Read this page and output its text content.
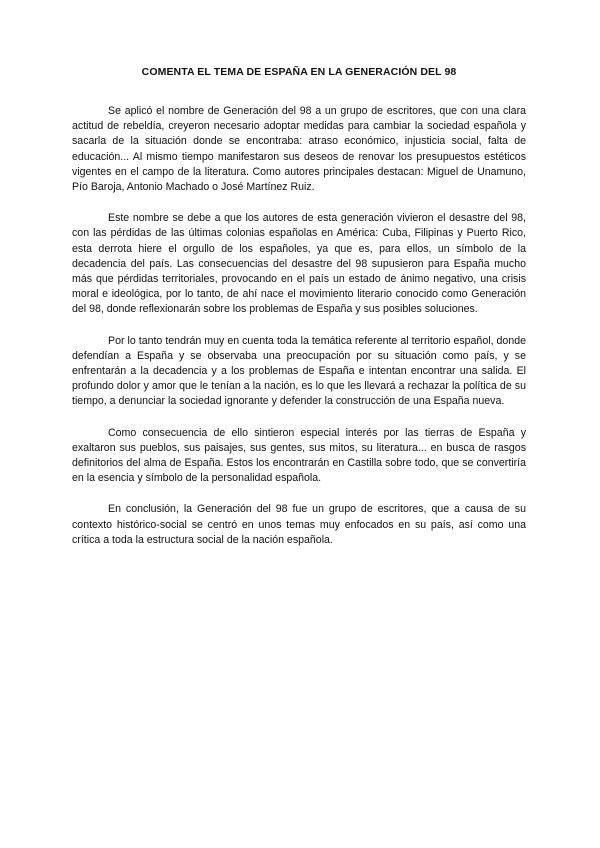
COMENTA EL TEMA DE ESPAÑA EN LA GENERACIÓN DEL 98

Se aplicó el nombre de Generación del 98 a un grupo de escritores, que con una clara actitud de rebeldía, creyeron necesario adoptar medidas para cambiar la sociedad española y sacarla de la situación donde se encontraba: atraso económico, injusticia social, falta de educación... Al mismo tiempo manifestaron sus deseos de renovar los presupuestos estéticos vigentes en el campo de la literatura. Como autores principales destacan: Miguel de Unamuno, Pío Baroja, Antonio Machado o José Martínez Ruiz.

Este nombre se debe a que los autores de esta generación vivieron el desastre del 98, con las pérdidas de las últimas colonias españolas en América: Cuba, Filipinas y Puerto Rico, esta derrota hiere el orgullo de los españoles, ya que es, para ellos, un símbolo de la decadencia del país. Las consecuencias del desastre del 98 supusieron para España mucho más que pérdidas territoriales, provocando en el país un estado de ánimo negativo, una crisis moral e ideológica, por lo tanto, de ahí nace el movimiento literario conocido como Generación del 98, donde reflexionarán sobre los problemas de España y sus posibles soluciones.

Por lo tanto tendrán muy en cuenta toda la temática referente al territorio español, donde defendían a España y se observaba una preocupación por su situación como país, y se enfrentarán a la decadencia y a los problemas de España e intentan encontrar una salida. El profundo dolor y amor que le tenían a la nación, es lo que les llevará a rechazar la política de su tiempo, a denunciar la sociedad ignorante y defender la construcción de una España nueva.

Como consecuencia de ello sintieron especial interés por las tierras de España y exaltaron sus pueblos, sus paisajes, sus gentes, sus mitos, su literatura... en busca de rasgos definitorios del alma de España. Estos los encontrarán en Castilla sobre todo, que se convertiría en la esencia y símbolo de la personalidad española.

En conclusión, la Generación del 98 fue un grupo de escritores, que a causa de su contexto histórico-social se centró en unos temas muy enfocados en su país, así como una crítica a toda la estructura social de la nación española.
